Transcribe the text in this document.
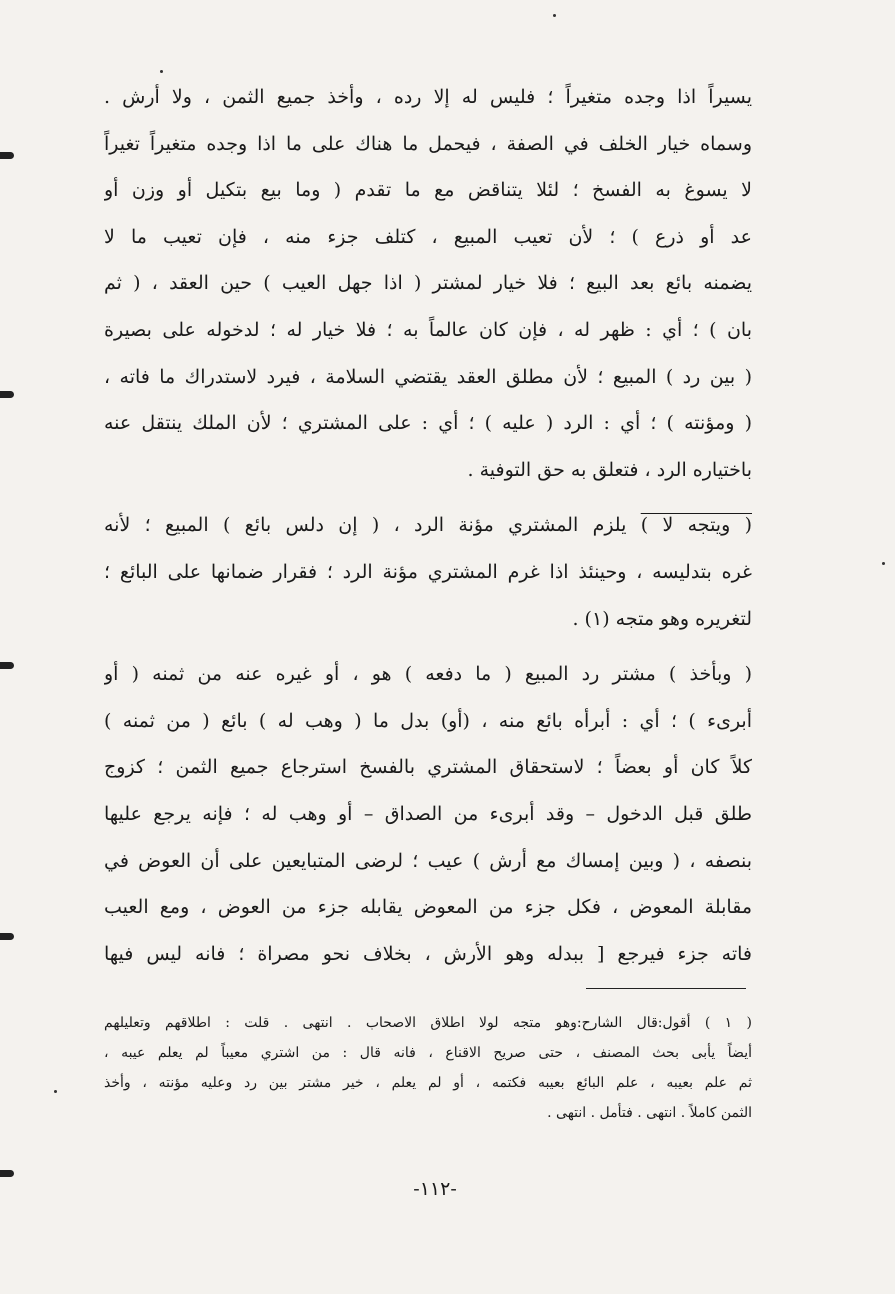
يسيراً اذا وجده متغيراً ؛ فليس له إلا رده ، وأخذ جميع الثمن ، ولا أرش .
وسماه خيار الخلف في الصفة ، فيحمل ما هناك على ما اذا وجده متغيراً تغيراً
لا يسوغ به الفسخ ؛ لئلا يتناقض مع ما تقدم ( وما بيع بتكيل أو وزن أو
عد أو ذرع ) ؛ لأن تعيب المبيع ، كتلف جزء منه ، فإن تعيب ما لا
يضمنه بائع بعد البيع ؛ فلا خيار لمشتر ( اذا جهل العيب ) حين العقد ، ( ثم
بان ) ؛ أي : ظهر له ، فإن كان عالماً به ؛ فلا خيار له ؛ لدخوله على بصيرة
( بين رد ) المبيع ؛ لأن مطلق العقد يقتضي السلامة ، فيرد لاستدراك ما فاته ،
( ومؤنته ) ؛ أي : الرد ( عليه ) ؛ أي : على المشتري ؛ لأن الملك ينتقل عنه
باختياره الرد ، فتعلق به حق التوفية .
( ويتجه لا ) يلزم المشتري مؤنة الرد ، ( إن دلس بائع ) المبيع ؛ لأنه
غره بتدليسه ، وحينئذ اذا غرم المشتري مؤنة الرد ؛ فقرار ضمانها على البائع ؛
لتغريره وهو متجه (١) .
( وبأخذ ) مشتر رد المبيع ( ما دفعه ) هو ، أو غيره عنه من ثمنه ( أو
أبرىء ) ؛ أي : أبرأه بائع منه ، (أو) بدل ما ( وهب له ) بائع ( من ثمنه )
كلاً كان أو بعضاً ؛ لاستحقاق المشتري بالفسخ استرجاع جميع الثمن ؛ كزوج
طلق قبل الدخول – وقد أبرىء من الصداق – أو وهب له ؛ فإنه يرجع عليها
بنصفه ، ( وبين إمساك مع أرش ) عيب ؛ لرضى المتبايعين على أن العوض في
مقابلة المعوض ، فكل جزء من المعوض يقابله جزء من العوض ، ومع العيب
فاته جزء فيرجع [ ببدله وهو الأرش ، بخلاف نحو مصراة ؛ فانه ليس فيها
( ١ ) أقول:قال الشارح:وهو متجه لولا اطلاق الاصحاب . انتهى . قلت : اطلاقهم وتعليلهم
أيضاً يأبى بحث المصنف ، حتى صريح الاقناع ، فانه قال : من اشتري معيباً لم يعلم عيبه ،
ثم علم بعيبه ، علم البائع بعيبه فكتمه ، أو لم يعلم ، خير مشتر بين رد وعليه مؤنته ، وأخذ
الثمن كاملاً . انتهى . فتأمل . انتهى .
-١١٢-
